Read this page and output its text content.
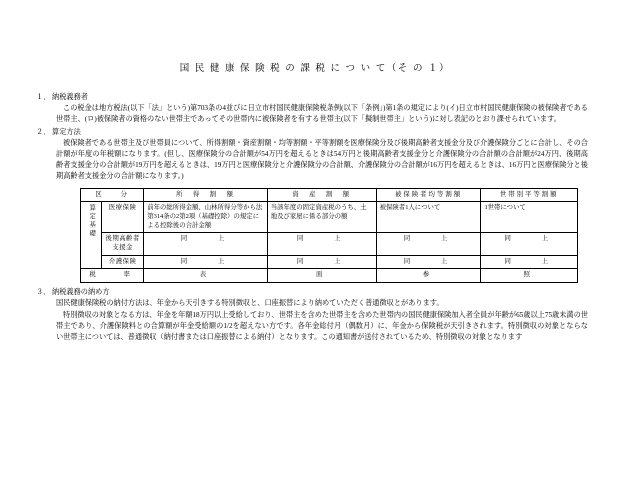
国 民 健 康 保 険 税 の 課 税 に つ い て（そ の １）
１． 納税義務者
この税金は地方税法(以下「法」という)第703条の4並びに日立市村国民健康保険税条例(以下「条例」)第1条の規定により(イ)日立市村国民健康保険の被保険者である世帯主、(ロ)被保険者の資格のない世帯主であってその世帯内に被保険者を有する世帯主(以下「擬制世帯主」という)に対し表記のとおり課せられています。
２． 算定方法
被保険者である世帯主及び世帯員について、所得割額・資産割額・均等割額・平等割額を医療保険分及び後期高齢者支援金分及び介護保険分ごとに合計し、その合計額が年度の年税額になります。(但し、医療保険分の合計額が54万円を超えるときは54万円と後期高齢者支援金分と介護保険分の合計額の合計額が24万円、後期高齢者支援金分の合計額が19万円を超えるときは、19万円と医療保険分と介護保険分の合計額、介護保険分の合計額が16万円を超えるときは、16万円と医療保険分と後期高齢者支援金分の合計額になります。)
区　　分		所　得　割　額	資　産　割　額	被保険者均等割額	世帯別平等割額
算定基礎	医療保険	前年の総所得金額、山林所得分等から法第314条の2第2項（基礎控除）の規定による控除後の合計金額	当該年度の固定資産税のうち、土地及び家屋に係る部分の額	被保険者1人について	1世帯について
	後期高齢者支援金	同　　上	同　　上	同　　上	同　　上
	介護保険	同　　上	同　　上	同　　上	同　　上
税　　率		表	面	参	照
３． 納税義務の納め方
国民健康保険税の納付方法は、年金から天引きする特別徴収と、口座振替により納めていただく普通徴収とがあります。
特別徴収の対象となる方は、年金を年額18万円以上受給しており、世帯主を含めた世帯主を含めた世帯内の国民健康保険加入者全員が年齢が65歳以上75歳未満の世帯主であり、介護保険料との合算額が年金受給額の1/2を超えない方です。各年金総付月（偶数月）に、年金から保険税が天引きされます。特別徴収の対象とならない世帯主については、普通徴収（納付書または口座振替による納付）となります。この通知書が送付されているため、特別徴収の対象となります
